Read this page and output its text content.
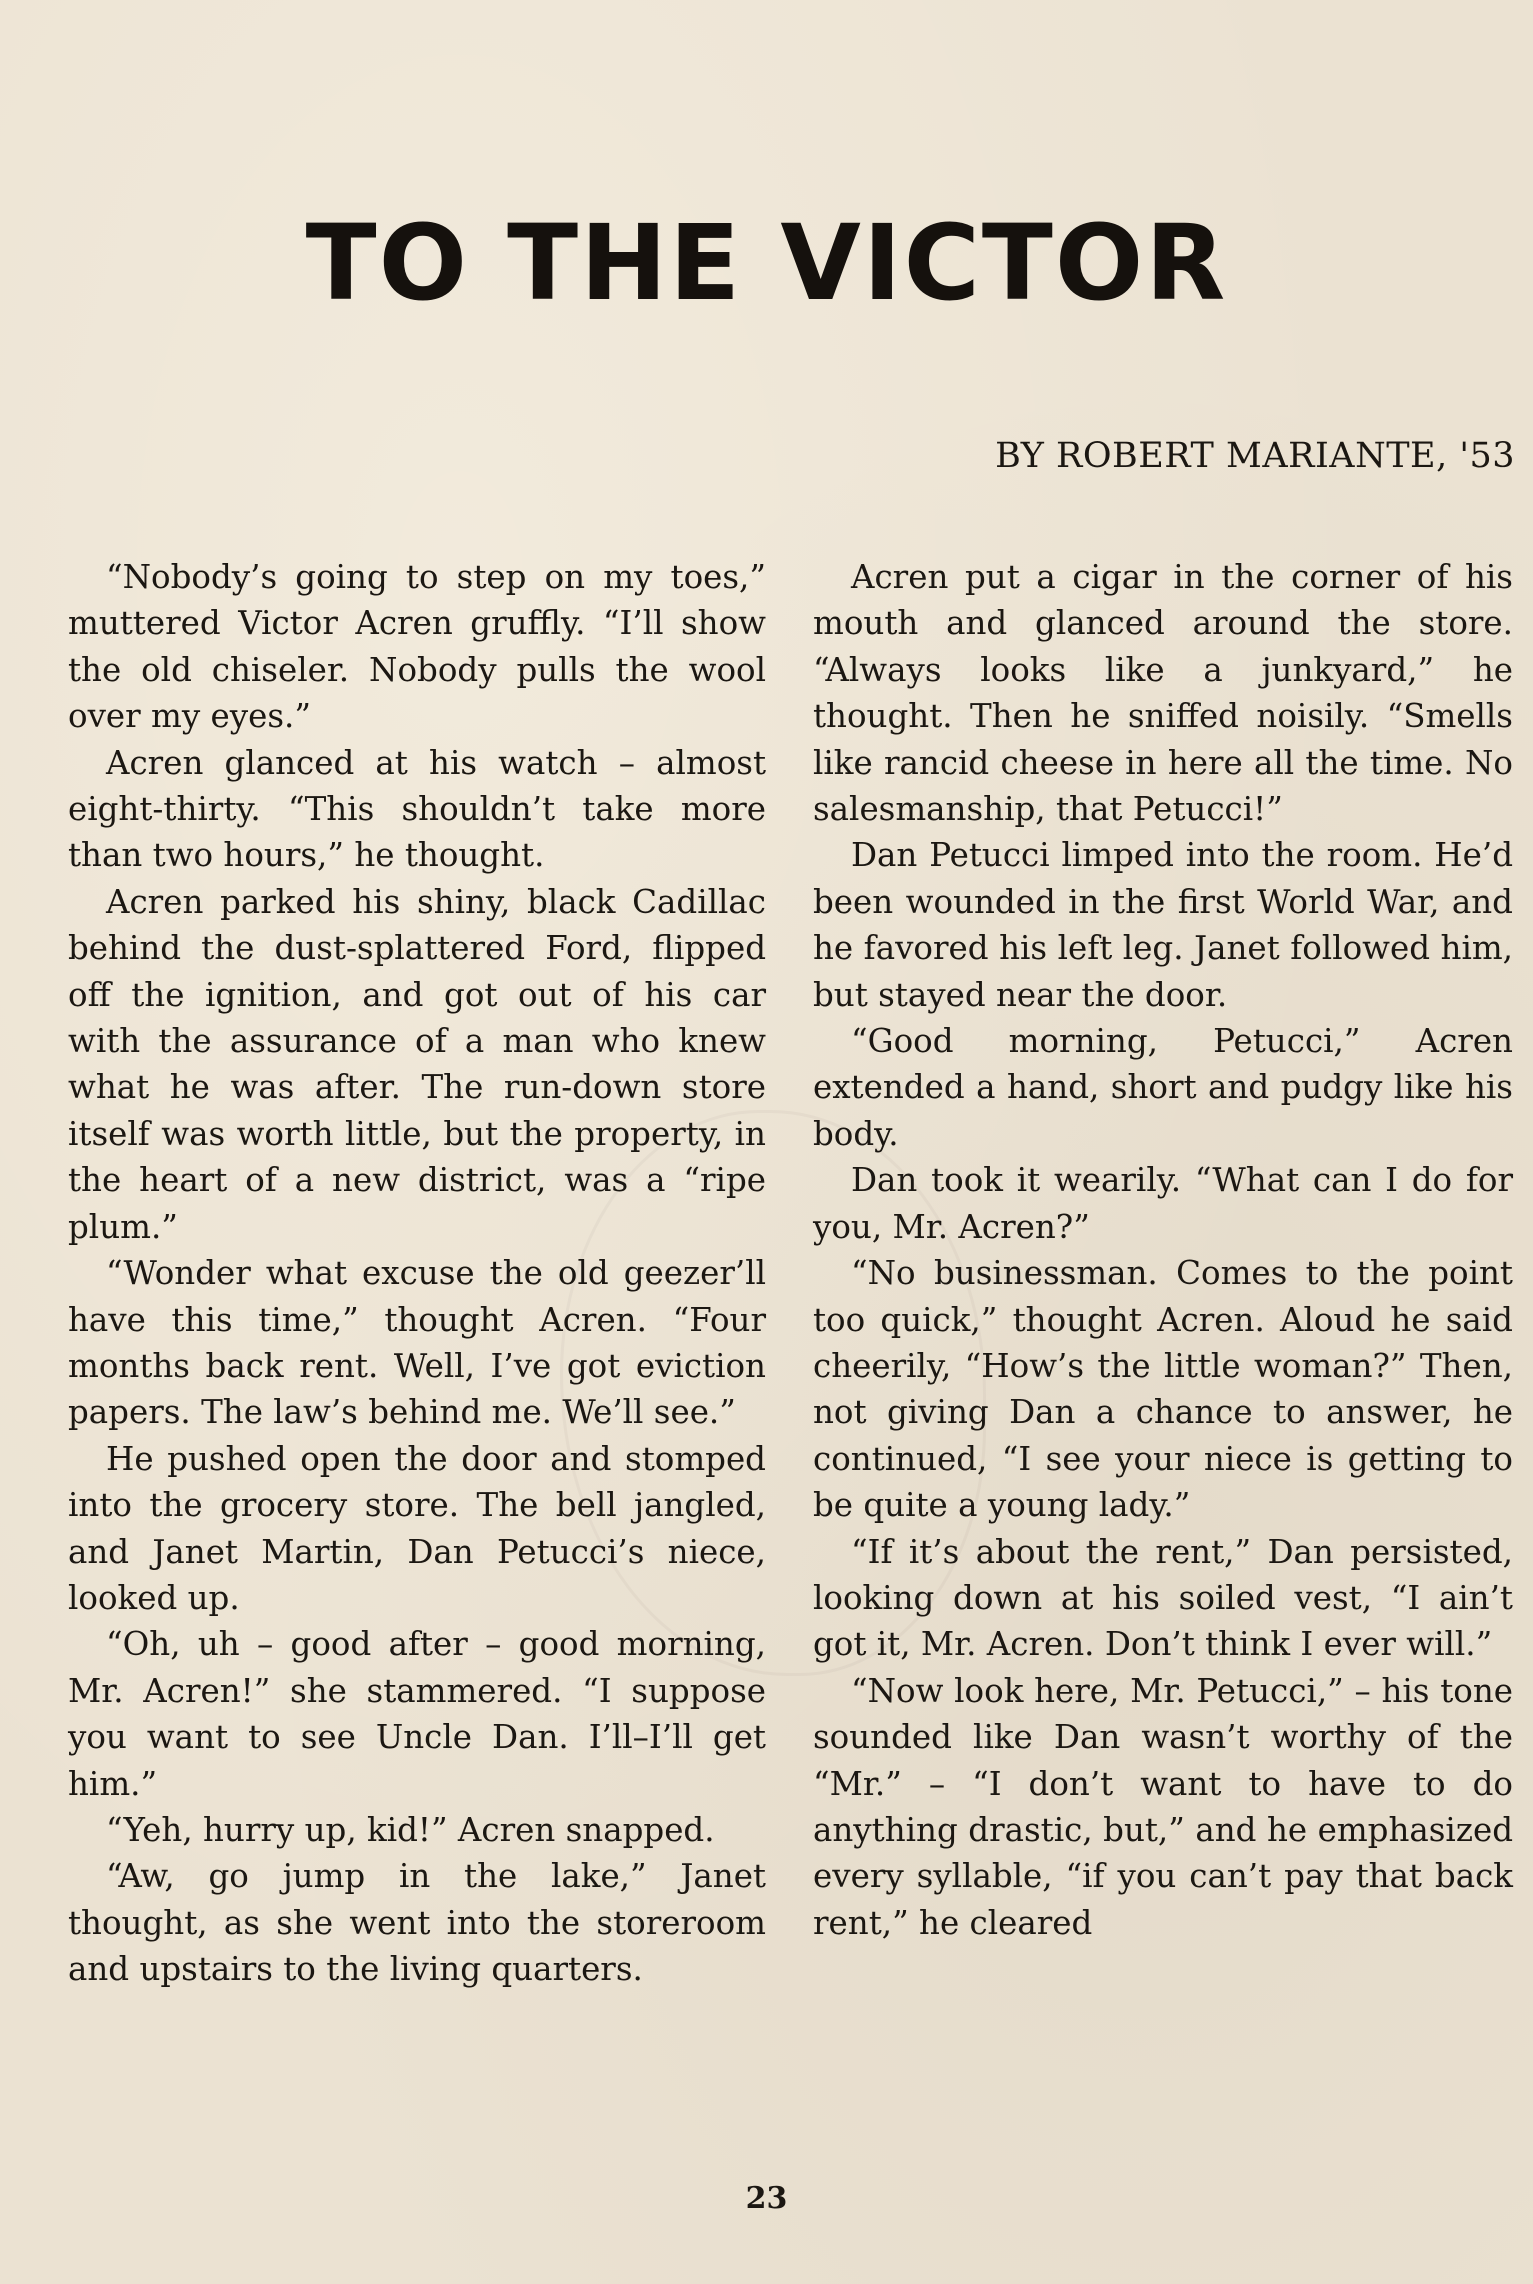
TO THE VICTOR
BY ROBERT MARIANTE, '53

“Nobody’s going to step on my toes,” muttered Victor Acren gruffly. “I’ll show the old chiseler. Nobody pulls the wool over my eyes.”

Acren glanced at his watch – almost eight-thirty. “This shouldn’t take more than two hours,” he thought.

Acren parked his shiny, black Cadillac behind the dust-splattered Ford, flipped off the ignition, and got out of his car with the assurance of a man who knew what he was after. The run-down store itself was worth little, but the property, in the heart of a new district, was a “ripe plum.”

“Wonder what excuse the old geezer’ll have this time,” thought Acren. “Four months back rent. Well, I’ve got eviction papers. The law’s behind me. We’ll see.”

He pushed open the door and stomped into the grocery store. The bell jangled, and Janet Martin, Dan Petucci’s niece, looked up.

“Oh, uh – good after – good morning, Mr. Acren!” she stammered. “I suppose you want to see Uncle Dan. I’ll–I’ll get him.”

“Yeh, hurry up, kid!” Acren snapped.

“Aw, go jump in the lake,” Janet thought, as she went into the storeroom and upstairs to the living quarters.

Acren put a cigar in the corner of his mouth and glanced around the store. “Always looks like a junkyard,” he thought. Then he sniffed noisily. “Smells like rancid cheese in here all the time. No salesmanship, that Petucci!”

Dan Petucci limped into the room. He’d been wounded in the first World War, and he favored his left leg. Janet followed him, but stayed near the door.

“Good morning, Petucci,” Acren extended a hand, short and pudgy like his body.

Dan took it wearily. “What can I do for you, Mr. Acren?”

“No businessman. Comes to the point too quick,” thought Acren. Aloud he said cheerily, “How’s the little woman?” Then, not giving Dan a chance to answer, he continued, “I see your niece is getting to be quite a young lady.”

“If it’s about the rent,” Dan persisted, looking down at his soiled vest, “I ain’t got it, Mr. Acren. Don’t think I ever will.”

“Now look here, Mr. Petucci,” – his tone sounded like Dan wasn’t worthy of the “Mr.” – “I don’t want to have to do anything drastic, but,” and he emphasized every syllable, “if you can’t pay that back rent,” he cleared

23
